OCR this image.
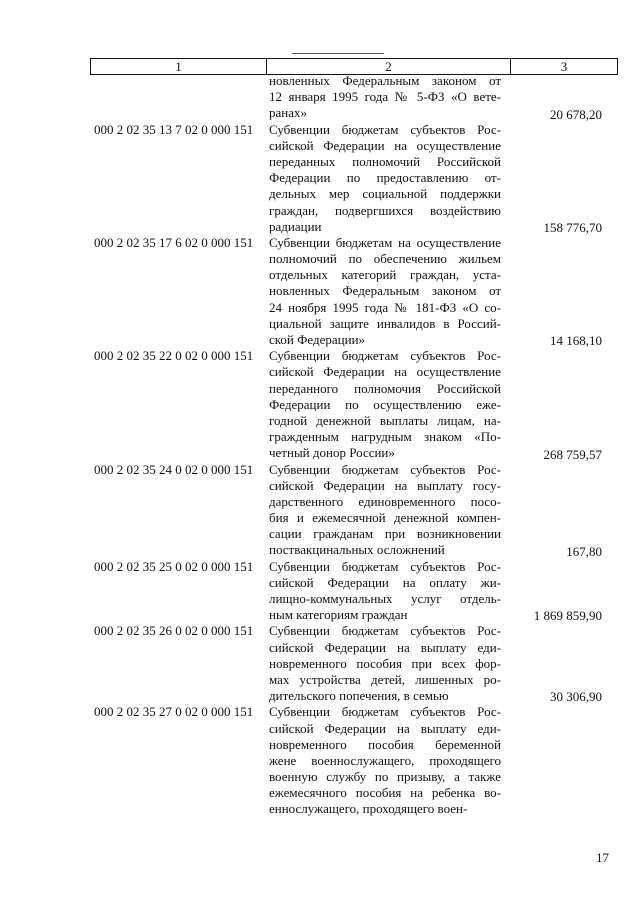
1	2	3
новленных Федеральным законом от
12 января 1995 года № 5-ФЗ «О вете-
ранах»	20 678,20
000 2 02 35 13 7 02 0 000 151	Субвенции бюджетам субъектов Рос-
сийской Федерации на осуществление
переданных полномочий Российской
Федерации по предоставлению от-
дельных мер социальной поддержки
граждан, подвергшихся воздействию
радиации	158 776,70
000 2 02 35 17 6 02 0 000 151	Субвенции бюджетам на осуществление
полномочий по обеспечению жильем
отдельных категорий граждан, уста-
новленных Федеральным законом от
24 ноября 1995 года № 181-ФЗ «О со-
циальной защите инвалидов в Россий-
ской Федерации»	14 168,10
000 2 02 35 22 0 02 0 000 151	Субвенции бюджетам субъектов Рос-
сийской Федерации на осуществление
переданного полномочия Российской
Федерации по осуществлению еже-
годной денежной выплаты лицам, на-
гражденным нагрудным знаком «По-
четный донор России»	268 759,57
000 2 02 35 24 0 02 0 000 151	Субвенции бюджетам субъектов Рос-
сийской Федерации на выплату госу-
дарственного единовременного посо-
бия и ежемесячной денежной компен-
сации гражданам при возникновении
поствакцинальных осложнений	167,80
000 2 02 35 25 0 02 0 000 151	Субвенции бюджетам субъектов Рос-
сийской Федерации на оплату жи-
лищно-коммунальных услуг отдель-
ным категориям граждан	1 869 859,90
000 2 02 35 26 0 02 0 000 151	Субвенции бюджетам субъектов Рос-
сийской Федерации на выплату еди-
новременного пособия при всех фор-
мах устройства детей, лишенных ро-
дительского попечения, в семью	30 306,90
000 2 02 35 27 0 02 0 000 151	Субвенции бюджетам субъектов Рос-
сийской Федерации на выплату еди-
новременного пособия беременной
жене военнослужащего, проходящего
военную службу по призыву, а также
ежемесячного пособия на ребенка во-
еннослужащего, проходящего воен-
17
